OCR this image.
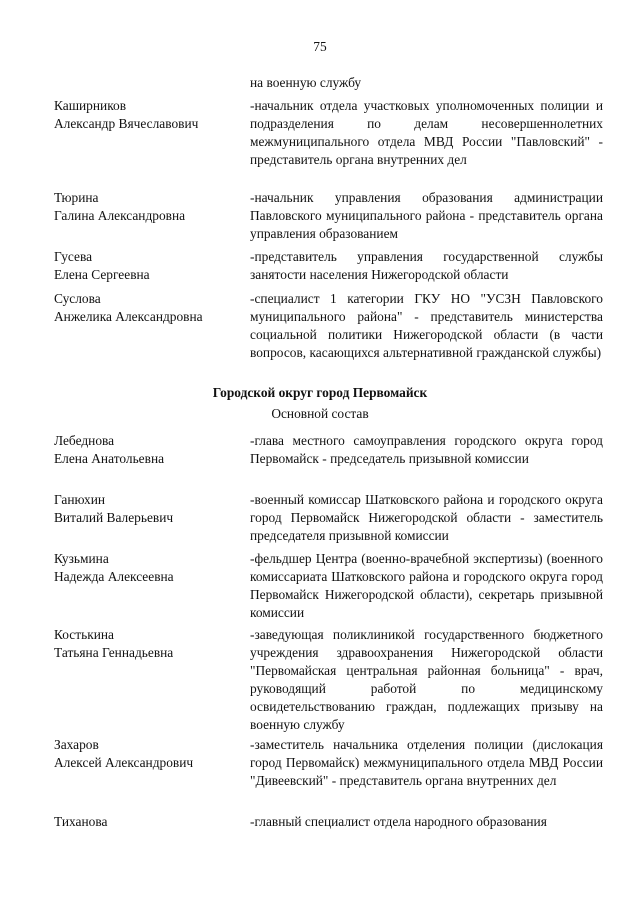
75
на военную службу
Каширников
Александр Вячеславович
-начальник отдела участковых уполномоченных полиции и подразделения по делам несовершеннолетних межмуниципального отдела МВД России "Павловский" - представитель органа внутренних дел
Тюрина
Галина Александровна
-начальник управления образования администрации Павловского муниципального района - представитель органа управления образованием
Гусева
Елена Сергеевна
-представитель управления государственной службы занятости населения Нижегородской области
Суслова
Анжелика Александровна
-специалист 1 категории ГКУ НО "УСЗН Павловского муниципального района" - представитель министерства социальной политики Нижегородской области (в части вопросов, касающихся альтернативной гражданской службы)
Городской округ город Первомайск
Основной состав
Лебеднова
Елена Анатольевна
-глава местного самоуправления городского округа город Первомайск - председатель призывной комиссии
Ганюхин
Виталий Валерьевич
-военный комиссар Шатковского района и городского округа город Первомайск Нижегородской области - заместитель председателя призывной комиссии
Кузьмина
Надежда Алексеевна
-фельдшер Центра (военно-врачебной экспертизы) (военного комиссариата Шатковского района и городского округа город Первомайск Нижегородской области), секретарь призывной комиссии
Костькина
Татьяна Геннадьевна
-заведующая поликлиникой государственного бюджетного учреждения здравоохранения Нижегородской области "Первомайская центральная районная больница" - врач, руководящий работой по медицинскому освидетельствованию граждан, подлежащих призыву на военную службу
Захаров
Алексей Александрович
-заместитель начальника отделения полиции (дислокация город Первомайск) межмуниципального отдела МВД России "Дивеевский" - представитель органа внутренних дел
Тиханова	-главный специалист отдела народного образования
